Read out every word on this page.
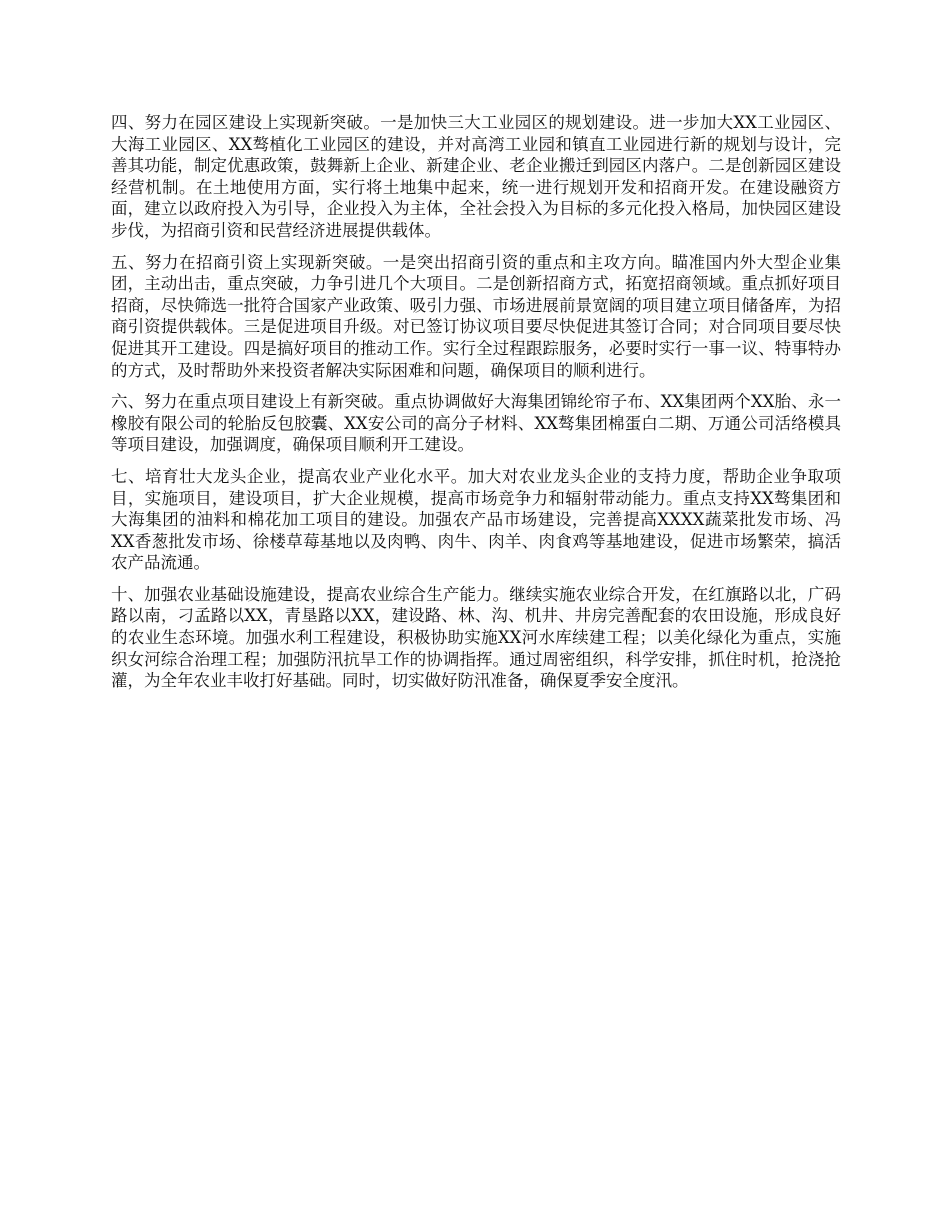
四、努力在园区建设上实现新突破。一是加快三大工业园区的规划建设。进一步加大XX工业园区、大海工业园区、XX骜植化工业园区的建设，并对高湾工业园和镇直工业园进行新的规划与设计，完善其功能，制定优惠政策，鼓舞新上企业、新建企业、老企业搬迁到园区内落户。二是创新园区建设经营机制。在土地使用方面，实行将土地集中起来，统一进行规划开发和招商开发。在建设融资方面，建立以政府投入为引导，企业投入为主体，全社会投入为目标的多元化投入格局，加快园区建设步伐，为招商引资和民营经济进展提供载体。

五、努力在招商引资上实现新突破。一是突出招商引资的重点和主攻方向。瞄准国内外大型企业集团，主动出击，重点突破，力争引进几个大项目。二是创新招商方式，拓宽招商领域。重点抓好项目招商，尽快筛选一批符合国家产业政策、吸引力强、市场进展前景宽阔的项目建立项目储备库，为招商引资提供载体。三是促进项目升级。对已签订协议项目要尽快促进其签订合同；对合同项目要尽快促进其开工建设。四是搞好项目的推动工作。实行全过程跟踪服务，必要时实行一事一议、特事特办的方式，及时帮助外来投资者解决实际困难和问题，确保项目的顺利进行。

六、努力在重点项目建设上有新突破。重点协调做好大海集团锦纶帘子布、XX集团两个XX胎、永一橡胶有限公司的轮胎反包胶囊、XX安公司的高分子材料、XX骜集团棉蛋白二期、万通公司活络模具等项目建设，加强调度，确保项目顺利开工建设。

七、培育壮大龙头企业，提高农业产业化水平。加大对农业龙头企业的支持力度，帮助企业争取项目，实施项目，建设项目，扩大企业规模，提高市场竞争力和辐射带动能力。重点支持XX骜集团和大海集团的油料和棉花加工项目的建设。加强农产品市场建设，完善提高XXXX蔬菜批发市场、冯XX香葱批发市场、徐楼草莓基地以及肉鸭、肉牛、肉羊、肉食鸡等基地建设，促进市场繁荣，搞活农产品流通。

十、加强农业基础设施建设，提高农业综合生产能力。继续实施农业综合开发，在红旗路以北，广码路以南，刁孟路以XX，青垦路以XX，建设路、林、沟、机井、井房完善配套的农田设施，形成良好的农业生态环境。加强水利工程建设，积极协助实施XX河水库续建工程；以美化绿化为重点，实施织女河综合治理工程；加强防汛抗旱工作的协调指挥。通过周密组织，科学安排，抓住时机，抢浇抢灌，为全年农业丰收打好基础。同时，切实做好防汛准备，确保夏季安全度汛。
